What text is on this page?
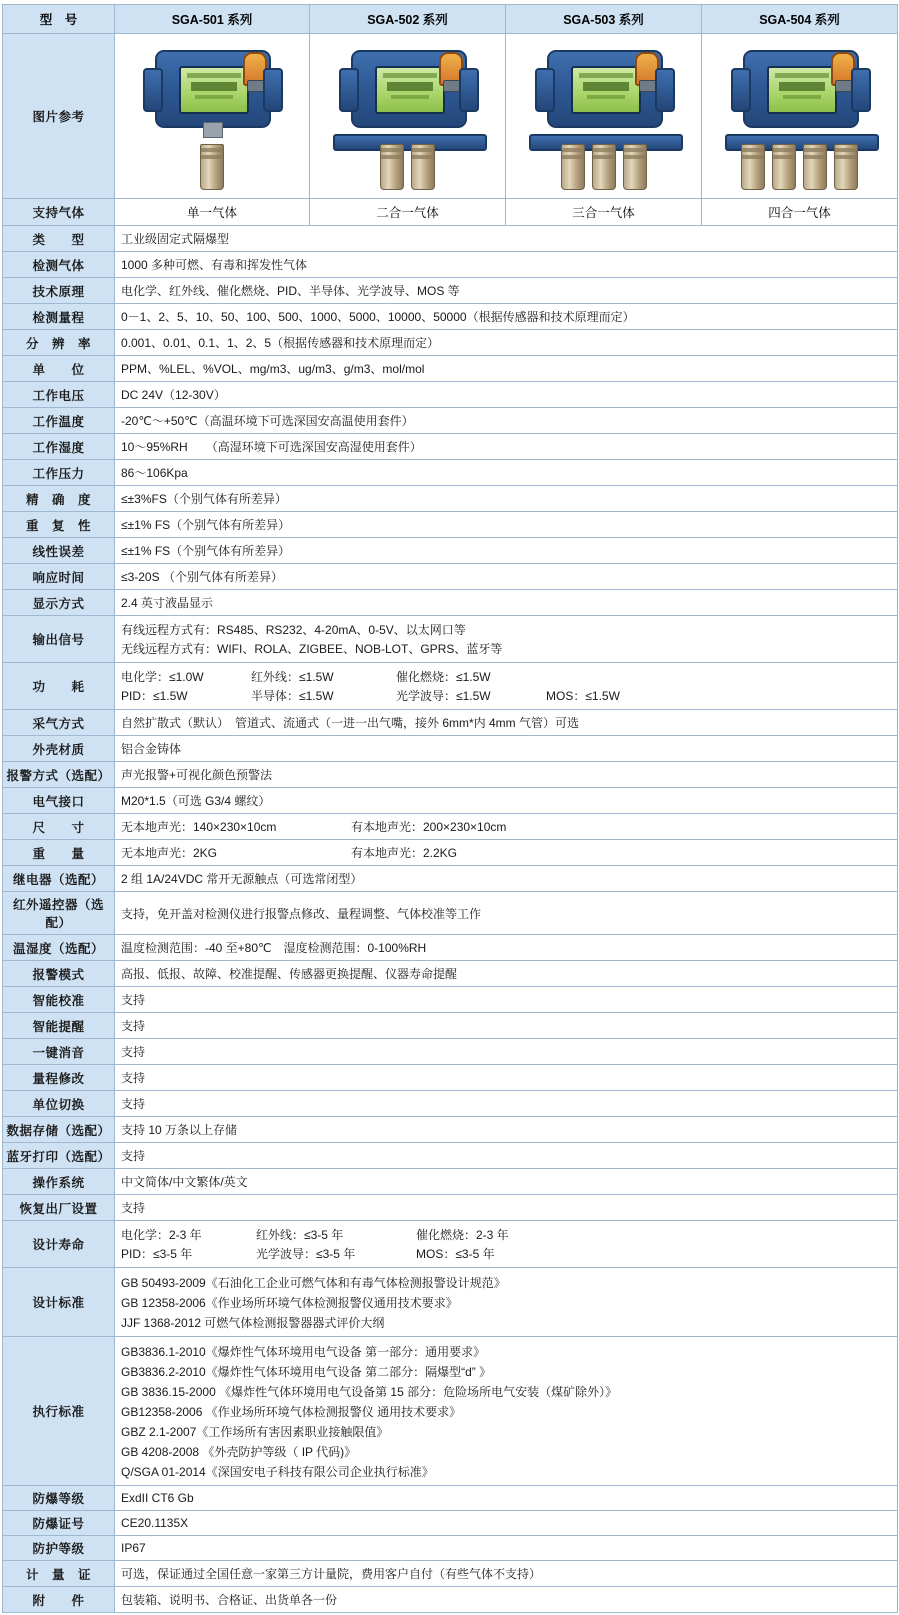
型　号	SGA-501 系列	SGA-502 系列	SGA-503 系列	SGA-504 系列
图片参考	

支持气体	单一气体	二合一气体	三合一气体	四合一气体
类　　型	工业级固定式隔爆型			
检测气体	1000 多种可燃、有毒和挥发性气体			
技术原理	电化学、红外线、催化燃烧、PID、半导体、光学波导、MOS 等			
检测量程	0－1、2、5、10、50、100、500、1000、5000、10000、50000（根据传感器和技术原理而定）			
分　辨　率	0.001、0.01、0.1、1、2、5（根据传感器和技术原理而定）			
单　　位	PPM、%LEL、%VOL、mg/m3、ug/m3、g/m3、mol/mol			
工作电压	DC 24V（12-30V）			
工作温度	-20℃～+50℃（高温环境下可选深国安高温使用套件）			
工作湿度	10～95%RH　　（高湿环境下可选深国安高湿使用套件）			
工作压力	86～106Kpa			
精　确　度	≤±3%FS（个别气体有所差异）			
重　复　性	≤±1% FS（个别气体有所差异）			
线性误差	≤±1% FS（个别气体有所差异）			
响应时间	≤3-20S （个别气体有所差异）			
显示方式	2.4 英寸液晶显示			
输出信号	有线远程方式有：RS485、RS232、4-20mA、0-5V、以太网口等
无线远程方式有：WIFI、ROLA、ZIGBEE、NOB-LOT、GPRS、蓝牙等			

功　　耗	
电化学：≤1.0W	红外线：≤1.5W	催化燃烧：≤1.5W
PID：≤1.5W	半导体：≤1.5W	光学波导：≤1.5W	MOS：≤1.5W

采气方式	自然扩散式（默认）　管道式、流通式（一进一出气嘴，接外 6mm*内 4mm 气管）可选			
外壳材质	铝合金铸体			
报警方式（选配）	声光报警+可视化颜色预警法			
电气接口	M20*1.5（可选 G3/4 螺纹）			
尺　　寸	无本地声光：140×230×10cm 有本地声光：200×230×10cm			

重　　量	无本地声光：2KG 有本地声光：2.2KG			

继电器（选配）	2 组 1A/24VDC 常开无源触点（可选常闭型）			
红外遥控器（选配）	支持，免开盖对检测仪进行报警点修改、量程调整、气体校准等工作			
温湿度（选配）	温度检测范围：-40 至+80℃　湿度检测范围：0-100%RH			
报警模式	高报、低报、故障、校准提醒、传感器更换提醒、仪器寿命提醒			
智能校准	支持			
智能提醒	支持			
一键消音	支持			
量程修改	支持			
单位切换	支持			
数据存储（选配）	支持 10 万条以上存储			
蓝牙打印（选配）	支持			
操作系统	中文简体/中文繁体/英文			
恢复出厂设置	支持			
设计寿命	
电化学：2-3 年	红外线：≤3-5 年	催化燃烧：2-3 年
PID：≤3-5 年	光学波导：≤3-5 年	MOS：≤3-5 年

设计标准	GB 50493-2009《石油化工企业可燃气体和有毒气体检测报警设计规范》
GB 12358-2006《作业场所环境气体检测报警仪通用技术要求》
JJF 1368-2012 可燃气体检测报警器器式评价大纲			

执行标准	
GB3836.1-2010《爆炸性气体环境用电气设备 第一部分：通用要求》
GB3836.2-2010《爆炸性气体环境用电气设备 第二部分：隔爆型“d” 》
GB 3836.15-2000 《爆炸性气体环境用电气设备第 15 部分：危险场所电气安装（煤矿除外）》
GB12358-2006 《作业场所环境气体检测报警仪 通用技术要求》
GBZ 2.1-2007《工作场所有害因素职业接触限值》
GB 4208-2008 《外壳防护等级（ IP 代码)》
Q/SGA 01-2014《深国安电子科技有限公司企业执行标准》

防爆等级	ExdII CT6 Gb			
防爆证号	CE20.1135X			
防护等级	IP67			
计　量　证	可选，保证通过全国任意一家第三方计量院，费用客户自付（有些气体不支持）			
附　　件	包装箱、说明书、合格证、出货单各一份			
